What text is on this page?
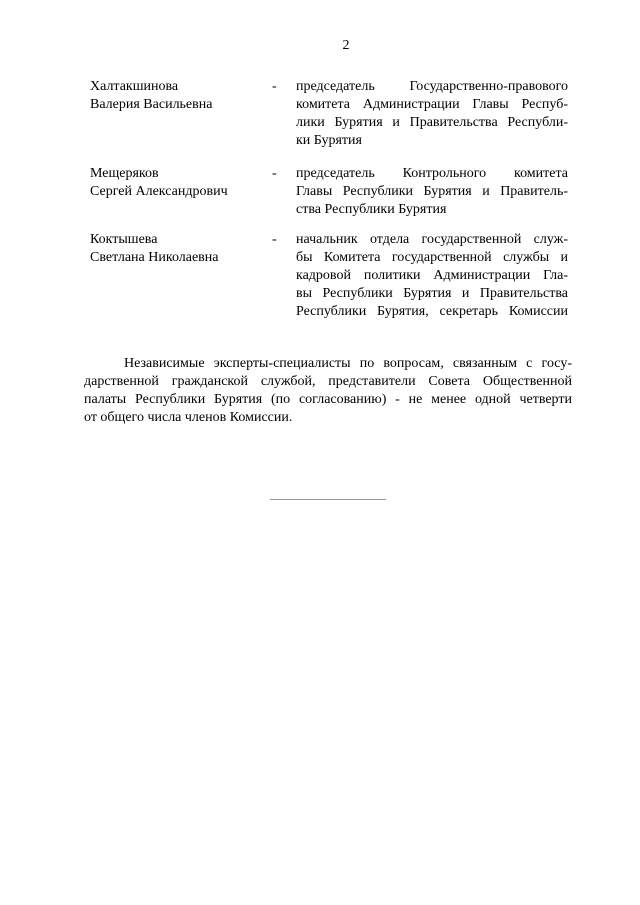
2
Халтакшинова
Валерия Васильевна
- председатель Государственно-правового
комитета Администрации Главы Респуб-
лики Бурятия и Правительства Республи-
ки Бурятия
Мещеряков
Сергей Александрович
- председатель Контрольного комитета
Главы Республики Бурятия и Правитель-
ства Республики Бурятия
Коктышева
Светлана Николаевна
- начальник отдела государственной служ-
бы Комитета государственной службы и
кадровой политики Администрации Гла-
вы Республики Бурятия и Правительства
Республики Бурятия, секретарь Комиссии
Независимые эксперты-специалисты по вопросам, связанным с госу-
дарственной гражданской службой, представители Совета Общественной
палаты Республики Бурятия (по согласованию) - не менее одной четверти
от общего числа членов Комиссии.
